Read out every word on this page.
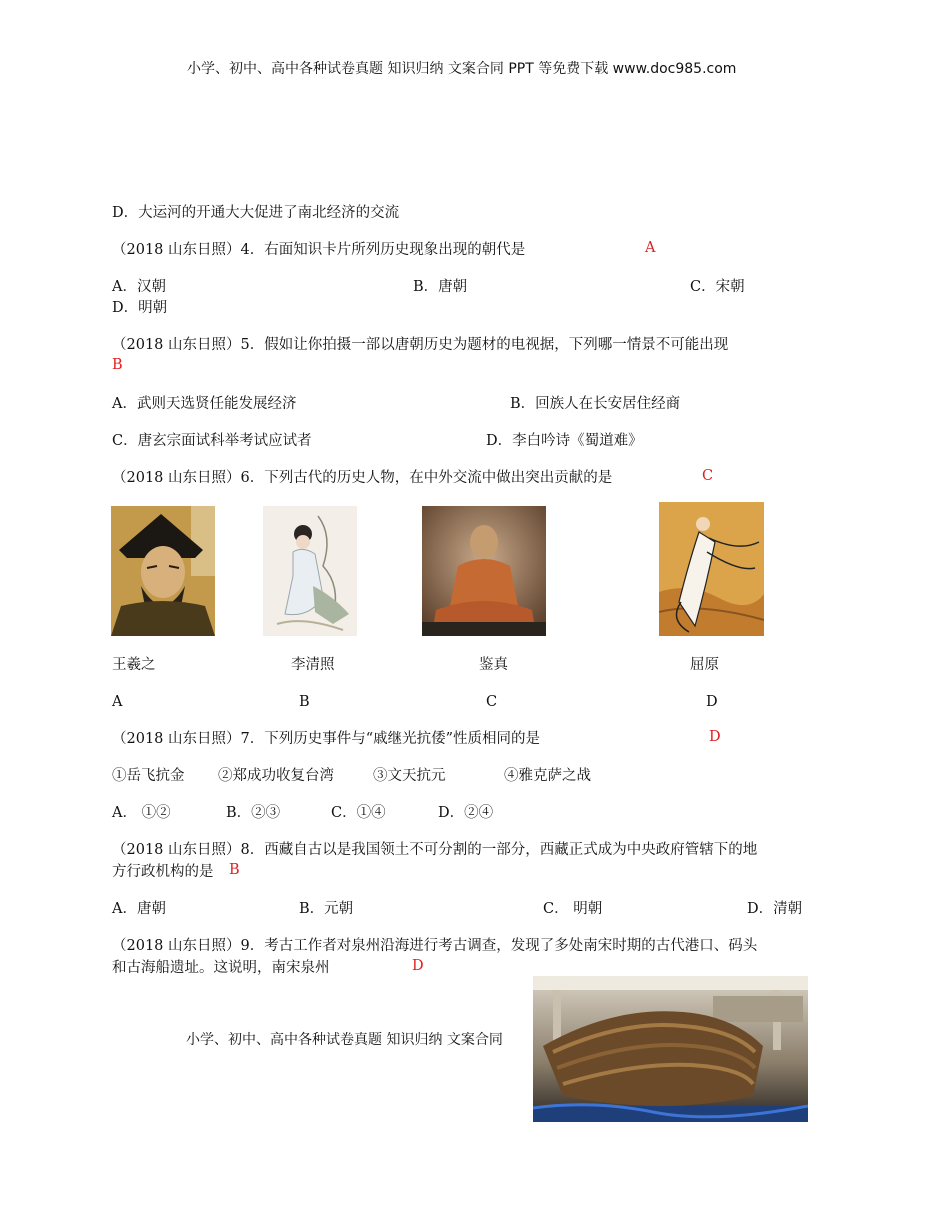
小学、初中、高中各种试卷真题 知识归纳 文案合同 PPT 等免费下载 www.doc985.com
D．大运河的开通大大促进了南北经济的交流
（2018 山东日照）4．右面知识卡片所列历史现象出现的朝代是	A
A．汉朝	B．唐朝	C．宋朝
D．明朝
（2018 山东日照）5．假如让你拍摄一部以唐朝历史为题材的电视据，下列哪一情景不可能出现
B
A．武则天选贤任能发展经济	B．回族人在长安居住经商
C．唐玄宗面试科举考试应试者	D．李白吟诗《蜀道难》
（2018 山东日照）6．下列古代的历史人物，在中外交流中做出突出贡献的是	C
王羲之	李清照	鉴真	屈原
A	B	C	D
（2018 山东日照）7．下列历史事件与“戚继光抗倭”性质相同的是	D
①岳飞抗金 ②郑成功收复台湾	③文天抗元	④雅克萨之战
A． ①②	B．②③	C．①④	D．②④
（2018 山东日照）8．西藏自古以是我国领土不可分割的一部分，西藏正式成为中央政府管辖下的地
方行政机构的是 B
A．唐朝	B．元朝	C． 明朝	D．清朝
（2018 山东日照）9．考古工作者对泉州沿海进行考古调查，发现了多处南宋时期的古代港口、码头
和古海船遗址。这说明，南宋泉州	D
小学、初中、高中各种试卷真题 知识归纳 文案合同
